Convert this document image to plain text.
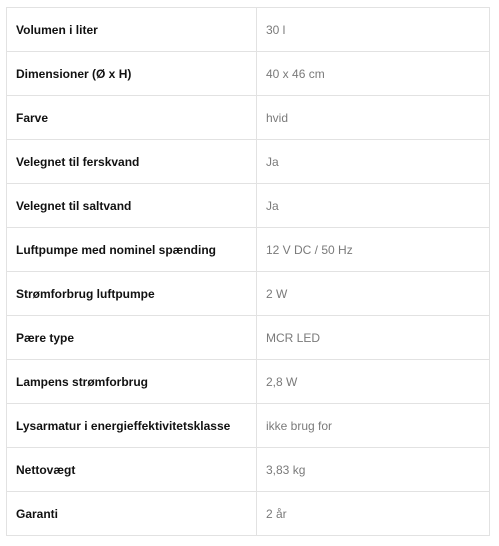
Volumen i liter	30 l
Dimensioner (Ø x H)	40 x 46 cm
Farve	hvid
Velegnet til ferskvand	Ja
Velegnet til saltvand	Ja
Luftpumpe med nominel spænding	12 V DC / 50 Hz
Strømforbrug luftpumpe	2 W
Pære type	MCR LED
Lampens strømforbrug	2,8 W
Lysarmatur i energieffektivitetsklasse	ikke brug for
Nettovægt	3,83 kg
Garanti	2 år
